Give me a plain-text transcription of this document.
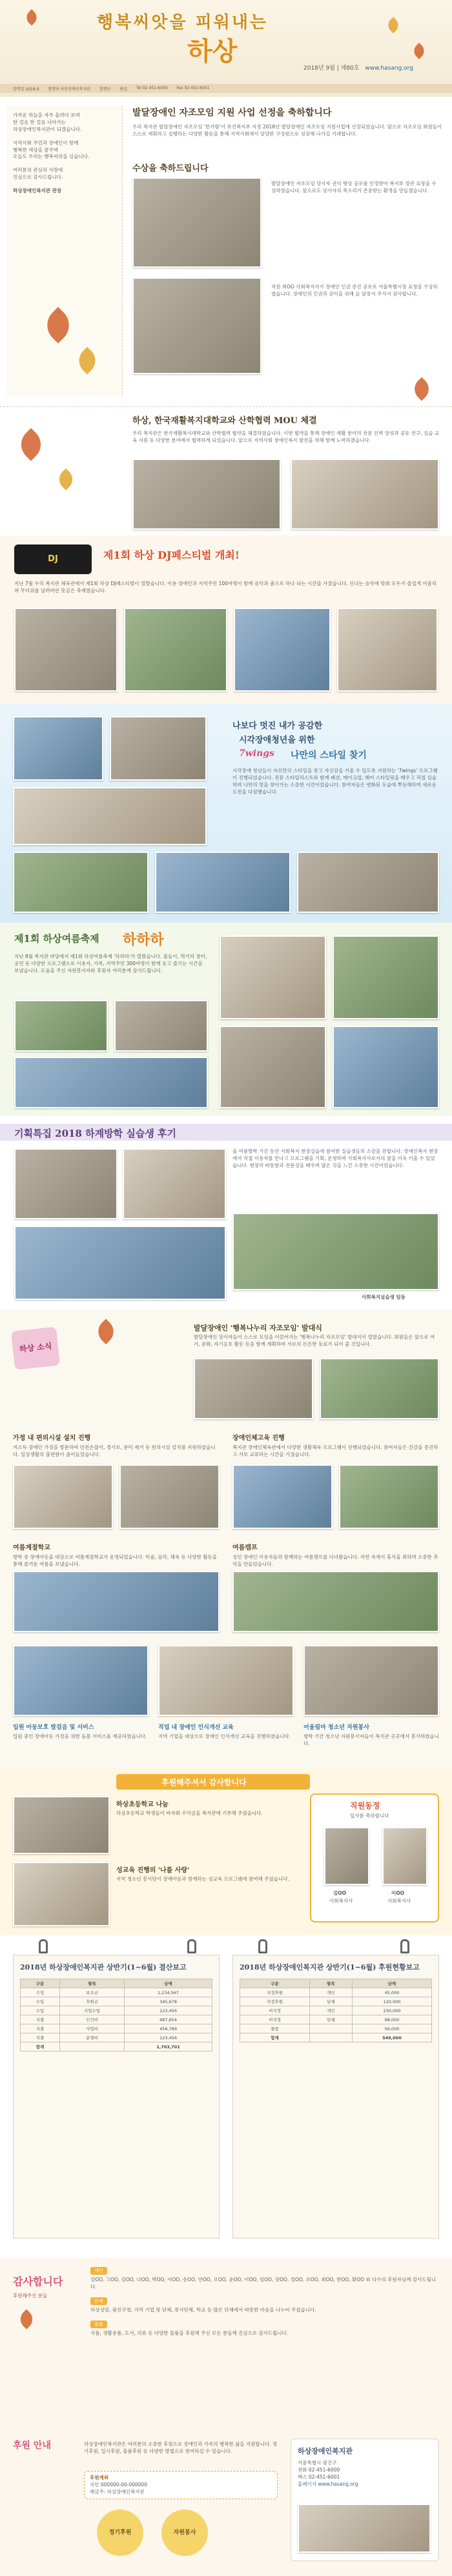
행복씨앗을 피워내는
하상
2018년 9월 | 제80호 www.hasang.org
발행일 2018.9 발행처 하상장애인복지관 발행인 편집 Tel 02-451-6000 Fax 02-451-6001
가까운 하늘을 자주 올려다 보며
한 걸음 한 걸음 나아가는
하상장애인복지관이 되겠습니다.
지역사회 주민과 장애인이 함께
행복한 세상을 꿈꾸며
오늘도 우리는 행복씨앗을 심습니다.
여러분의 관심과 사랑에
진심으로 감사드립니다.
하상장애인복지관 관장
발달장애인 자조모임 지원 사업 선정을 축하합니다
우리 복지관 발달장애인 자조모임 '한가람'이 보건복지부 지정 2018년 발달장애인 자조모임 지원사업에 선정되었습니다. 앞으로 자조모임 회원들이 스스로 계획하고 실행하는 다양한 활동을 통해 지역사회에서 당당한 구성원으로 성장해 나가길 기대합니다.
수상을 축하드립니다
발달장애인 자조모임 당사자 권익 향상 공로를 인정받아 복지부 장관 표창을 수상하였습니다. 앞으로도 당사자의 목소리가 존중받는 환경을 만들겠습니다.
직원 최OO 사회복지사가 장애인 인권 증진 공로로 서울특별시장 표창을 수상하였습니다. 장애인의 인권과 권익을 위해 늘 앞장서 주셔서 감사합니다.
하상, 한국재활복지대학교와 산학협력 MOU 체결
우리 복지관은 한국재활복지대학교와 산학협력 협약을 체결하였습니다. 이번 협약을 통해 장애인 재활 분야의 전문 인력 양성과 공동 연구, 실습 교육 지원 등 다양한 분야에서 협력하게 되었습니다. 앞으로 지역사회 장애인복지 발전을 위해 함께 노력하겠습니다.
DJ	제1회 하상 DJ페스티벌 개최!
지난 7월 우리 복지관 체육관에서 제1회 하상 DJ페스티벌이 열렸습니다. 이용 장애인과 지역주민 100여명이 함께 음악과 춤으로 하나 되는 시간을 가졌습니다. 신나는 음악에 맞춰 모두가 즐겁게 어울리며 무더위를 날려버린 뜻깊은 축제였습니다.
나보다 멋진 내가 공감한
시각장애청년을 위한
7wings 나만의 스타일 찾기
시각장애 청년들이 자신만의 스타일을 찾고 자신감을 키울 수 있도록 지원하는 '7wings' 프로그램이 진행되었습니다. 전문 스타일리스트와 함께 패션, 메이크업, 헤어 스타일링을 배우고 직접 실습하며 나만의 멋을 찾아가는 소중한 시간이었습니다. 참여자들은 변화된 모습에 뿌듯해하며 새로운 도전을 다짐했습니다.
제1회 하상여름축제 하하하
지난 8월 복지관 마당에서 제1회 하상여름축제 '하하하'가 열렸습니다. 물놀이, 먹거리 장터, 공연 등 다양한 프로그램으로 이용자, 가족, 지역주민 300여명이 함께 웃고 즐기는 시간을 보냈습니다. 도움을 주신 자원봉사자와 후원자 여러분께 감사드립니다.
기획특집 2018 하계방학 실습생 후기
올 여름방학 기간 동안 사회복지 현장실습에 참여한 실습생들의 소감을 전합니다. 장애인복지 현장에서 직접 이용자를 만나고 프로그램을 기획, 운영하며 사회복지사로서의 꿈을 더욱 키울 수 있었습니다. 현장의 따뜻함과 전문성을 배우며 많은 것을 느낀 소중한 시간이었습니다.
사회복지실습생 일동
하상 소식
발달장애인 '행복나누리 자조모임' 발대식
발달장애인 당사자들이 스스로 모임을 이끌어가는 '행복나누리 자조모임' 발대식이 열렸습니다. 회원들은 앞으로 여가, 문화, 자기옹호 활동 등을 함께 계획하며 서로의 든든한 동료가 되어 줄 것입니다.
가정 내 편의시설 설치 진행
저소득 장애인 가정을 방문하여 안전손잡이, 경사로, 문턱 제거 등 편의시설 설치를 지원하였습니다. 일상생활의 불편함이 줄어들었습니다.
장애인체고육 진행
복지관 장애인체육관에서 다양한 생활체육 프로그램이 진행되었습니다. 참여자들은 건강을 증진하고 서로 교류하는 시간을 가졌습니다.
여름계절학교
방학 중 장애아동을 대상으로 여름계절학교가 운영되었습니다. 미술, 음악, 체육 등 다양한 활동을 통해 즐거운 여름을 보냈습니다.
여름캠프
성인 장애인 이용자들과 함께하는 여름캠프를 다녀왔습니다. 자연 속에서 휴식을 취하며 소중한 추억을 만들었습니다.
입원 아동보호 발걸음 및 서비스
입원 중인 장애아동 가정을 위한 돌봄 서비스를 제공하였습니다.
직업 내 장애인 인식개선 교육
지역 기업을 대상으로 장애인 인식개선 교육을 진행하였습니다.
어울림마 청소년 자원봉사
방학 기간 청소년 자원봉사자들이 복지관 곳곳에서 봉사하였습니다.
후원해주셔서 감사합니다
하상초등학교 나눔
하상초등학교 학생들이 바자회 수익금을 복지관에 기부해 주셨습니다.
성교육 진행의 '나를 사랑'
지역 청소년 봉사단이 장애아동과 함께하는 성교육 프로그램에 참여해 주셨습니다.
직원동정
입사를 축하합니다
김OO
사회복지사
이OO
사회복지사
2018년 하상장애인복지관 상반기(1~6월) 결산보고
구분	항목	금액
수입	보조금	1,234,567
수입	후원금	345,678
수입	사업수입	123,456
지출	인건비	987,654
지출	사업비	456,789
지출	운영비	123,456
합계		1,703,701
2018년 하상장애인복지관 상반기(1~6월) 후원현황보고
구분	항목	금액
지정후원	개인	45,000
지정후원	단체	120,000
비지정	개인	230,000
비지정	단체	98,000
물품		56,000
합계		549,000
감사합니다
후원해주신 분들
개인
강OO, 고OO, 김OO, 나OO, 박OO, 서OO, 송OO, 안OO, 오OO, 윤OO, 이OO, 임OO, 장OO, 정OO, 조OO, 최OO, 한OO, 황OO 외 다수의 후원자님께 감사드립니다.
단체
하상성당, 광진구청, 지역 기업 및 단체, 봉사단체, 학교 등 많은 단체에서 따뜻한 마음을 나누어 주셨습니다.
물품
식품, 생활용품, 도서, 의류 등 다양한 물품을 후원해 주신 모든 분들께 진심으로 감사드립니다.
후원 안내	하상장애인복지관은 여러분의 소중한 후원으로 장애인과 가족의 행복한 삶을 지원합니다. 정기후원, 일시후원, 물품후원 등 다양한 방법으로 참여하실 수 있습니다.
후원계좌
국민 000000-00-000000
예금주: 하상장애인복지관
정기후원	자원봉사
하상장애인복지관
서울특별시 광진구
전화 02-451-6000
팩스 02-451-6001
홈페이지 www.hasang.org
